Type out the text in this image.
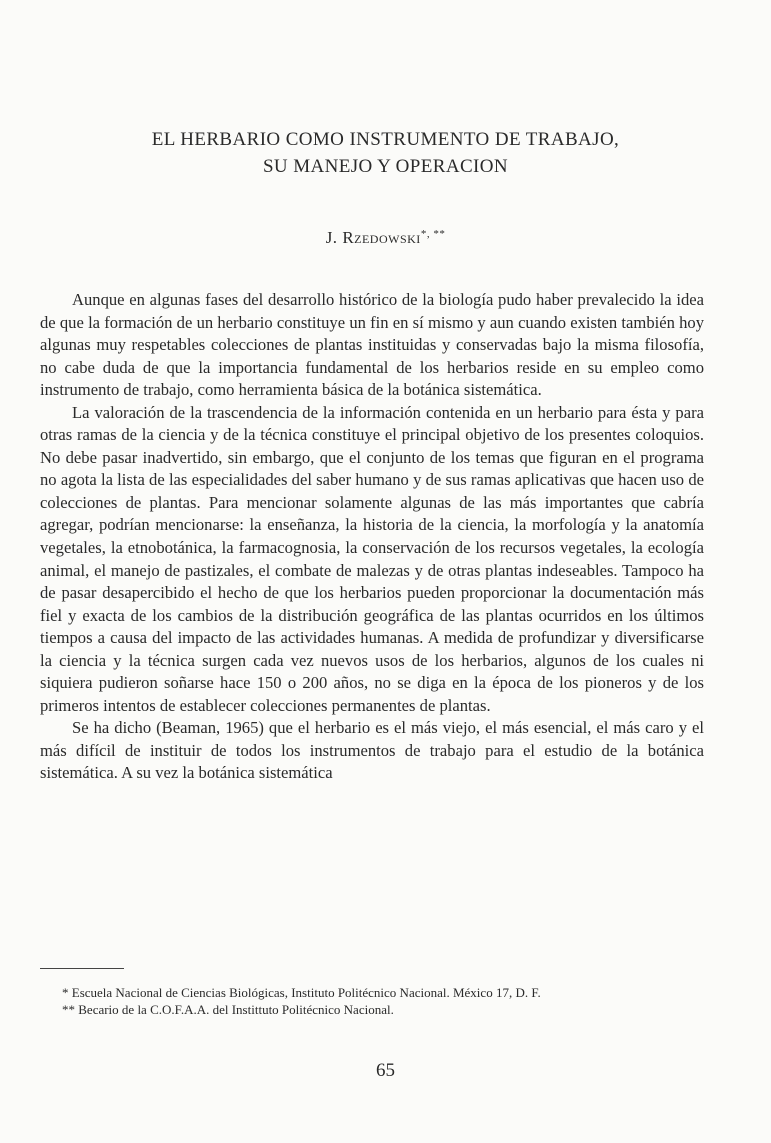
EL HERBARIO COMO INSTRUMENTO DE TRABAJO,
SU MANEJO Y OPERACION
J. Rzedowski*, **

Aunque en algunas fases del desarrollo histórico de la biología pudo haber prevalecido la idea de que la formación de un herbario constituye un fin en sí mismo y aun cuando existen también hoy algunas muy respetables colecciones de plantas instituidas y conservadas bajo la misma filosofía, no cabe duda de que la importancia fundamental de los herbarios reside en su empleo como instrumento de trabajo, como herramienta básica de la botánica sistemática.

La valoración de la trascendencia de la información contenida en un herbario para ésta y para otras ramas de la ciencia y de la técnica constituye el principal objetivo de los presentes coloquios. No debe pasar inadvertido, sin embargo, que el conjunto de los temas que figuran en el programa no agota la lista de las especialidades del saber humano y de sus ramas aplicativas que hacen uso de colecciones de plantas. Para mencionar solamente algunas de las más importantes que cabría agregar, podrían mencionarse: la enseñanza, la historia de la ciencia, la morfología y la anatomía vegetales, la etnobotánica, la farmacognosia, la conservación de los recursos vegetales, la ecología animal, el manejo de pastizales, el combate de malezas y de otras plantas indeseables. Tampoco ha de pasar desapercibido el hecho de que los herbarios pueden proporcionar la documentación más fiel y exacta de los cambios de la distribución geográfica de las plantas ocurridos en los últimos tiempos a causa del impacto de las actividades humanas. A medida de profundizar y diversificarse la ciencia y la técnica surgen cada vez nuevos usos de los herbarios, algunos de los cuales ni siquiera pudieron soñarse hace 150 o 200 años, no se diga en la época de los pioneros y de los primeros intentos de establecer colecciones permanentes de plantas.

Se ha dicho (Beaman, 1965) que el herbario es el más viejo, el más esencial, el más caro y el más difícil de instituir de todos los instrumentos de trabajo para el estudio de la botánica sistemática. A su vez la botánica sistemática

* Escuela Nacional de Ciencias Biológicas, Instituto Politécnico Nacional. México 17, D. F.

** Becario de la C.O.F.A.A. del Instittuto Politécnico Nacional.

65
